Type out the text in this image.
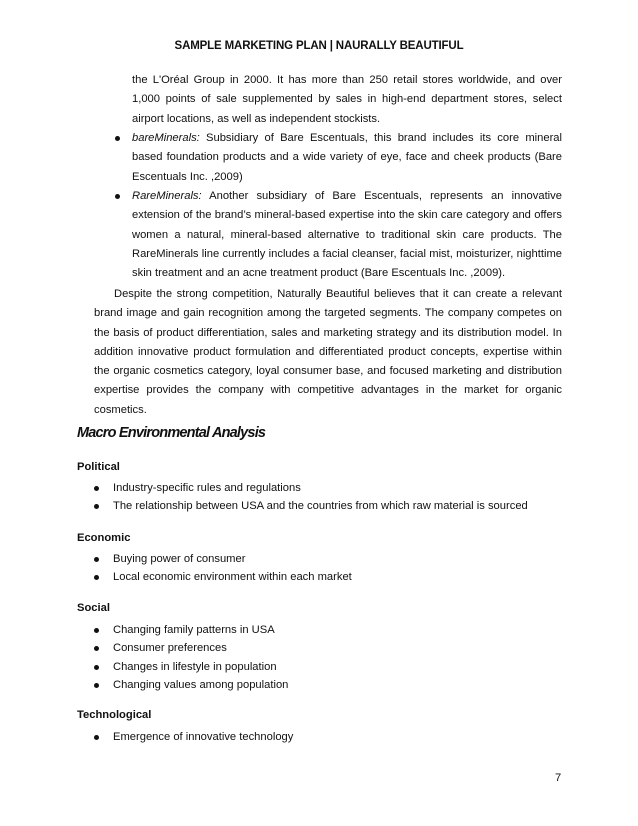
SAMPLE MARKETING PLAN | NAURALLY BEAUTIFUL
the L'Oréal Group in 2000. It has more than 250 retail stores worldwide, and over 1,000 points of sale supplemented by sales in high-end department stores, select airport locations, as well as independent stockists.
bareMinerals: Subsidiary of Bare Escentuals, this brand includes its core mineral based foundation products and a wide variety of eye, face and cheek products (Bare Escentuals Inc. ,2009)
RareMinerals: Another subsidiary of Bare Escentuals, represents an innovative extension of the brand’s mineral-based expertise into the skin care category and offers women a natural, mineral-based alternative to traditional skin care products. The RareMinerals line currently includes a facial cleanser, facial mist, moisturizer, nighttime skin treatment and an acne treatment product (Bare Escentuals Inc. ,2009).
Despite the strong competition, Naturally Beautiful believes that it can create a relevant brand image and gain recognition among the targeted segments. The company competes on the basis of product differentiation, sales and marketing strategy and its distribution model. In addition innovative product formulation and differentiated product concepts, expertise within the organic cosmetics category, loyal consumer base, and focused marketing and distribution expertise provides the company with competitive advantages in the market for organic cosmetics.
Macro Environmental Analysis
Political
Industry-specific rules and regulations
The relationship between USA and the countries from which raw material is sourced
Economic
Buying power of consumer
Local economic environment within each market
Social
Changing family patterns in USA
Consumer preferences
Changes in lifestyle in population
Changing values among population
Technological
Emergence of innovative technology
7
